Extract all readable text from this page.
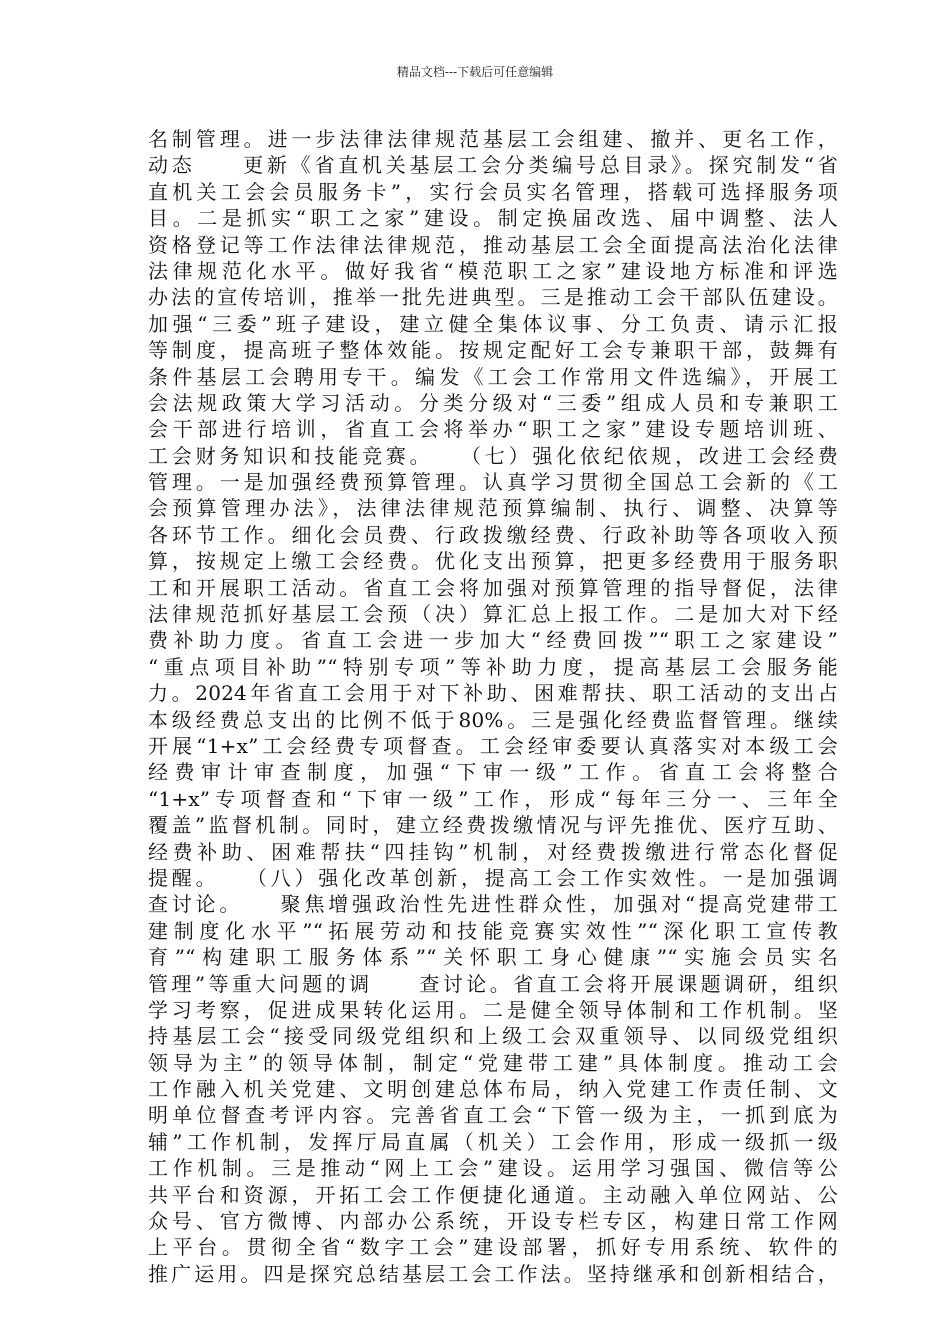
精品文档---下载后可任意编辑
名制管理。进一步法律法律规范基层工会组建、撤并、更名工作，
动态　　更新《省直机关基层工会分类编号总目录》。探究制发“省
直机关工会会员服务卡”，实行会员实名管理，搭载可选择服务项
目。二是抓实“职工之家”建设。制定换届改选、届中调整、法人
资格登记等工作法律法律规范，推动基层工会全面提高法治化法律
法律规范化水平。做好我省“模范职工之家”建设地方标准和评选
办法的宣传培训，推举一批先进典型。三是推动工会干部队伍建设。
加强“三委”班子建设，建立健全集体议事、分工负责、请示汇报
等制度，提高班子整体效能。按规定配好工会专兼职干部，鼓舞有
条件基层工会聘用专干。编发《工会工作常用文件选编》，开展工
会法规政策大学习活动。分类分级对“三委”组成人员和专兼职工
会干部进行培训，省直工会将举办“职工之家”建设专题培训班、
工会财务知识和技能竞赛。　　（七）强化依纪依规，改进工会经费
管理。一是加强经费预算管理。认真学习贯彻全国总工会新的《工
会预算管理办法》，法律法律规范预算编制、执行、调整、决算等
各环节工作。细化会员费、行政拨缴经费、行政补助等各项收入预
算，按规定上缴工会经费。优化支出预算，把更多经费用于服务职
工和开展职工活动。省直工会将加强对预算管理的指导督促，法律
法律规范抓好基层工会预（决）算汇总上报工作。二是加大对下经
费补助力度。省直工会进一步加大“经费回拨”“职工之家建设”
“重点项目补助”“特别专项”等补助力度，提高基层工会服务能
力。2024年省直工会用于对下补助、困难帮扶、职工活动的支出占
本级经费总支出的比例不低于80%。三是强化经费监督管理。继续
开展“1+x”工会经费专项督查。工会经审委要认真落实对本级工会
经费审计审查制度，加强“下审一级”工作。省直工会将整合
“1+x”专项督查和“下审一级”工作，形成“每年三分一、三年全
覆盖”监督机制。同时，建立经费拨缴情况与评先推优、医疗互助、
经费补助、困难帮扶“四挂钩”机制，对经费拨缴进行常态化督促
提醒。　　（八）强化改革创新，提高工会工作实效性。一是加强调
查讨论。　　聚焦增强政治性先进性群众性，加强对“提高党建带工
建制度化水平”“拓展劳动和技能竞赛实效性”“深化职工宣传教
育”“构建职工服务体系”“关怀职工身心健康”“实施会员实名
管理”等重大问题的调　　查讨论。省直工会将开展课题调研，组织
学习考察，促进成果转化运用。二是健全领导体制和工作机制。坚
持基层工会“接受同级党组织和上级工会双重领导、以同级党组织
领导为主”的领导体制，制定“党建带工建”具体制度。推动工会
工作融入机关党建、文明创建总体布局，纳入党建工作责任制、文
明单位督查考评内容。完善省直工会“下管一级为主，一抓到底为
辅”工作机制，发挥厅局直属（机关）工会作用，形成一级抓一级
工作机制。三是推动“网上工会”建设。运用学习强国、微信等公
共平台和资源，开拓工会工作便捷化通道。主动融入单位网站、公
众号、官方微博、内部办公系统，开设专栏专区，构建日常工作网
上平台。贯彻全省“数字工会”建设部署，抓好专用系统、软件的
推广运用。四是探究总结基层工会工作法。坚持继承和创新相结合，
